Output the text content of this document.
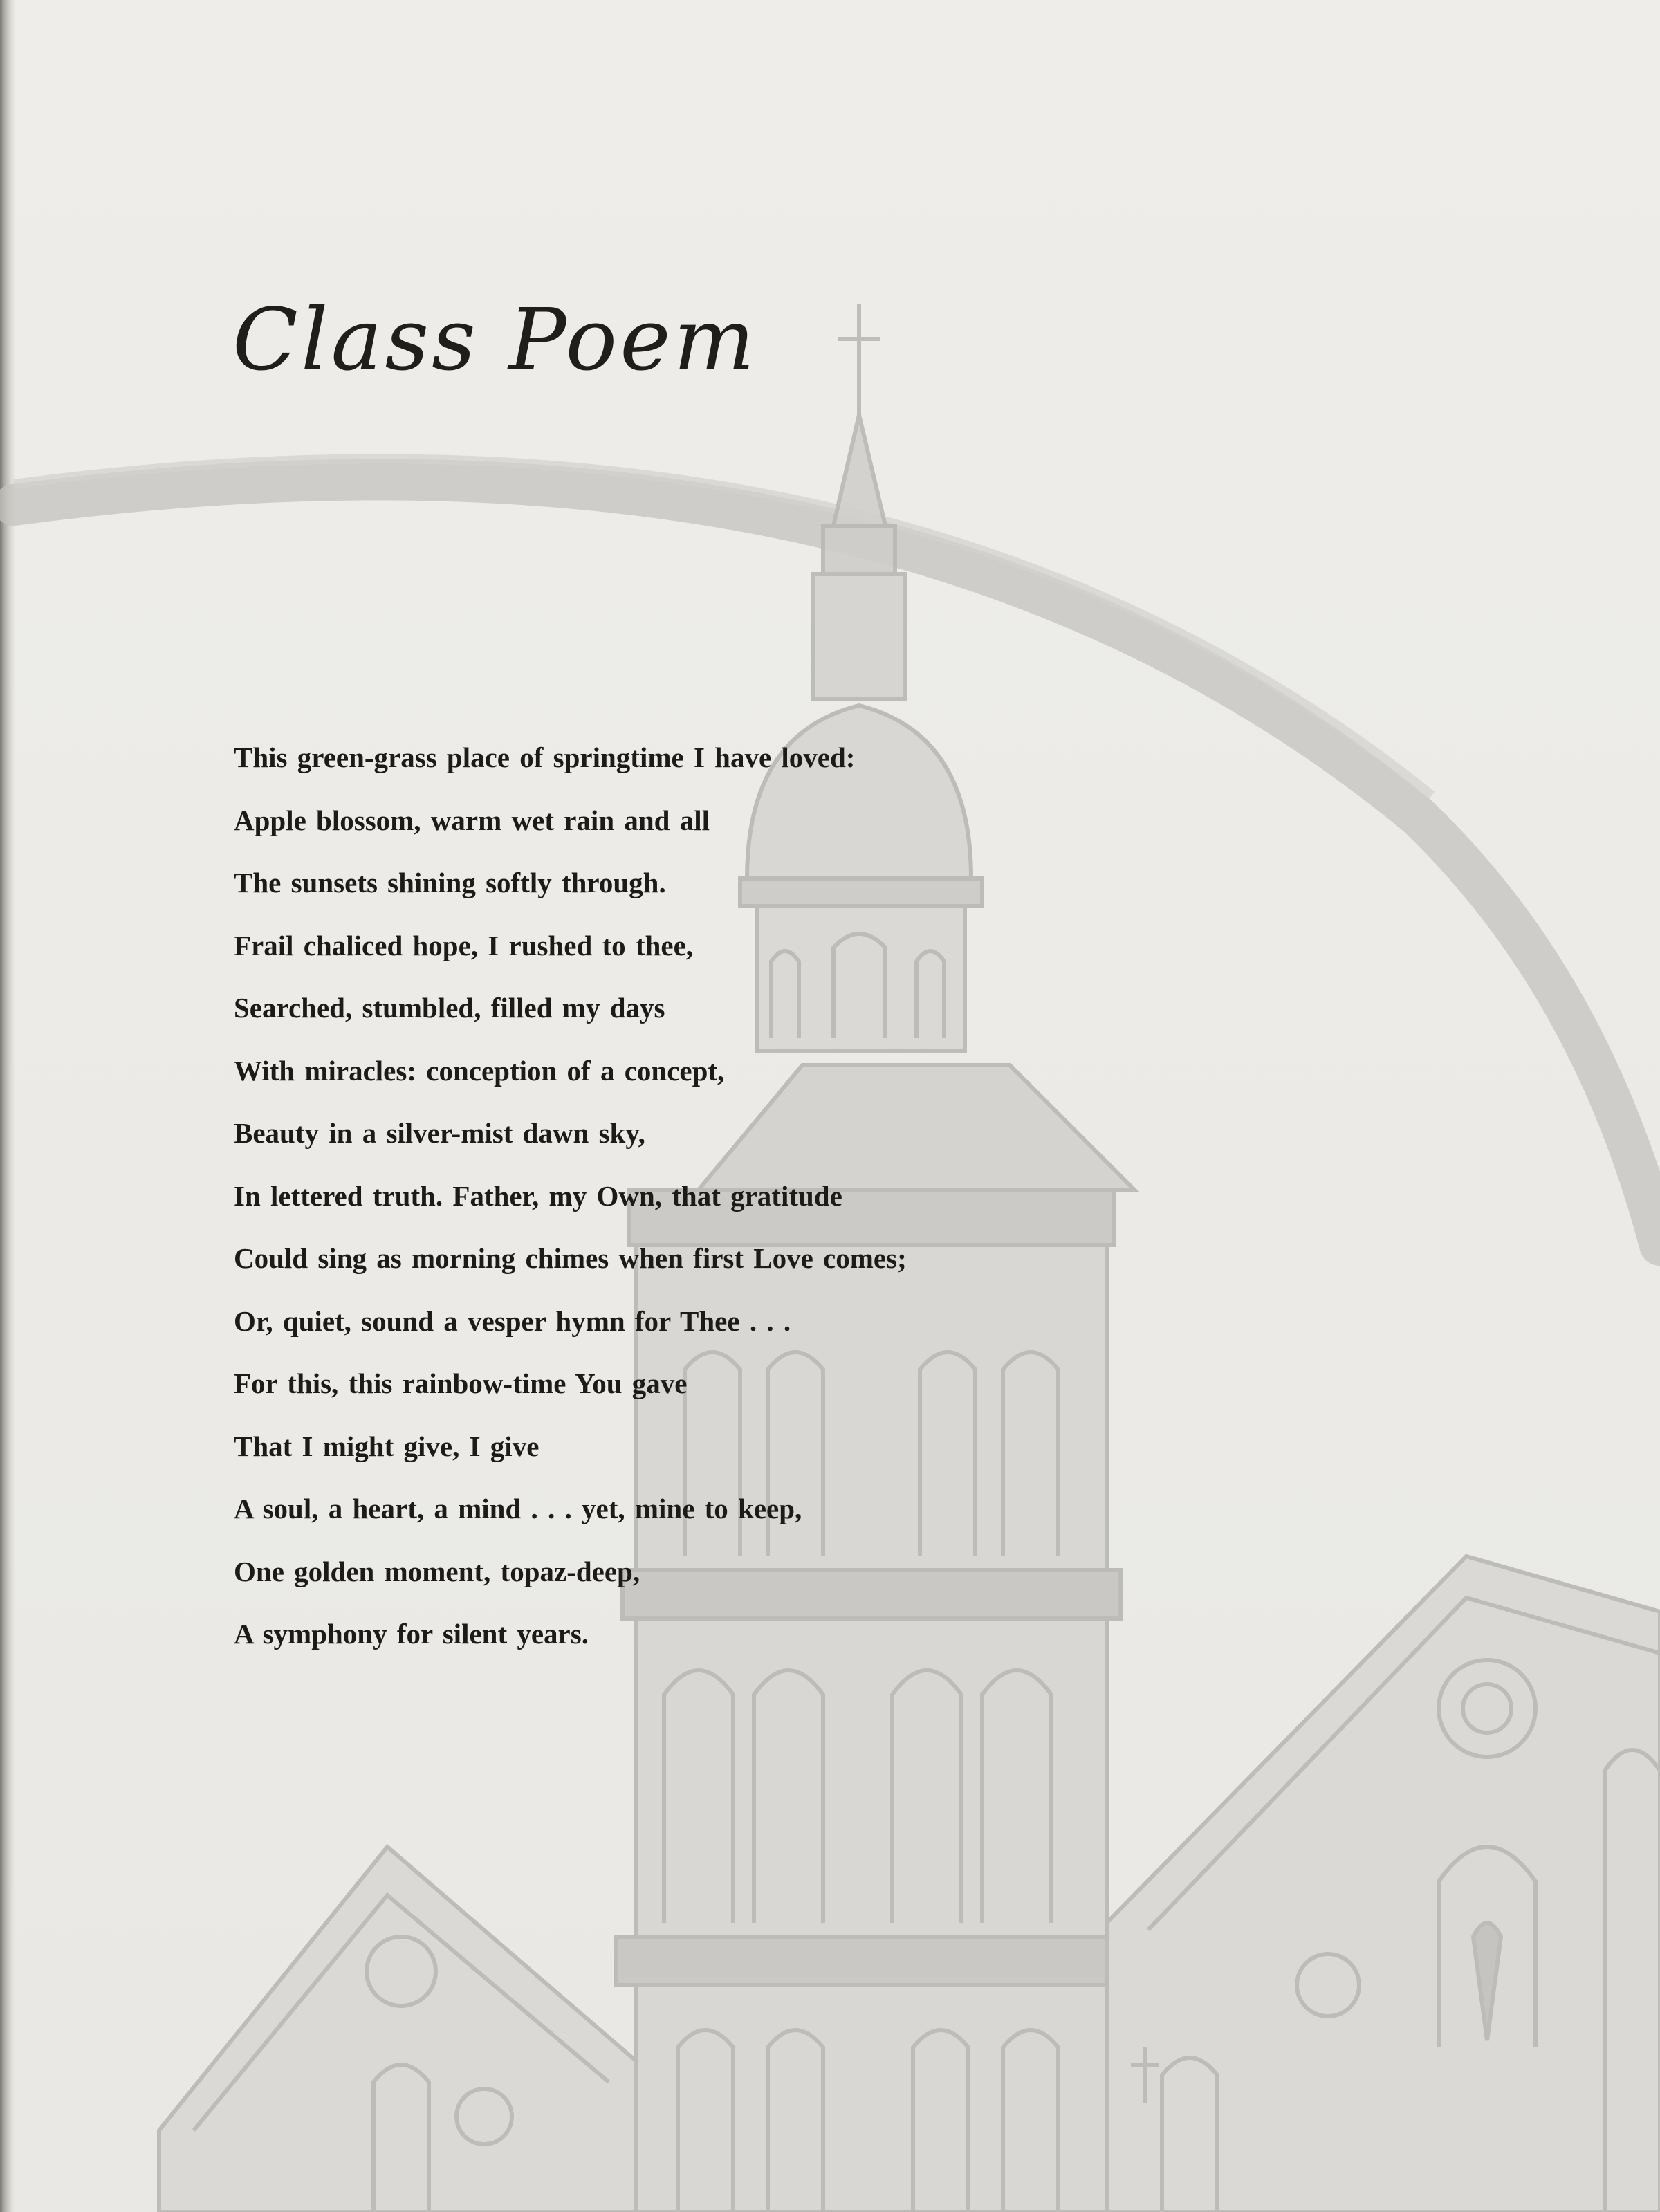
Class Poem
This green-grass place of springtime I have loved:
Apple blossom, warm wet rain and all
The sunsets shining softly through.
Frail chaliced hope, I rushed to thee,
Searched, stumbled, filled my days
With miracles: conception of a concept,
Beauty in a silver-mist dawn sky,
In lettered truth. Father, my Own, that gratitude
Could sing as morning chimes when first Love comes;
Or, quiet, sound a vesper hymn for Thee . . .
For this, this rainbow-time You gave
That I might give, I give
A soul, a heart, a mind . . . yet, mine to keep,
One golden moment, topaz-deep,
A symphony for silent years.
